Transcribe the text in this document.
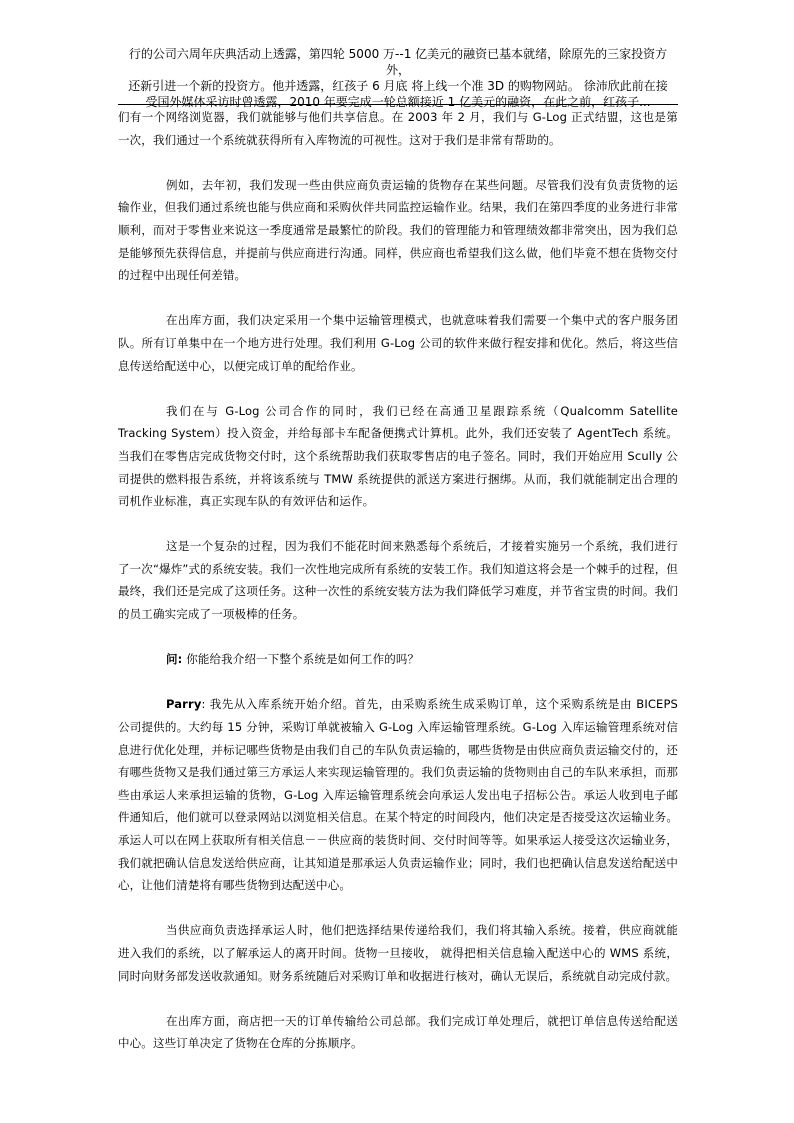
行的公司六周年庆典活动上透露，第四轮 5000 万--1 亿美元的融资已基本就绪，除原先的三家投资方外，
还新引进一个新的投资方。他并透露，红孩子 6 月底 将上线一个准 3D 的购物网站。 徐沛欣此前在接
受国外媒体采访时曾透露，2010 年要完成一轮总额接近 1 亿美元的融资，在此之前，红孩子...

们有一个网络浏览器，我们就能够与他们共享信息。在 2003 年 2 月，我们与 G-Log 正式结盟，这也是第一次，我们通过一个系统就获得所有入库物流的可视性。这对于我们是非常有帮助的。

例如，去年初，我们发现一些由供应商负责运输的货物存在某些问题。尽管我们没有负责货物的运输作业，但我们通过系统也能与供应商和采购伙伴共同监控运输作业。结果，我们在第四季度的业务进行非常顺利，而对于零售业来说这一季度通常是最繁忙的阶段。我们的管理能力和管理绩效都非常突出，因为我们总是能够预先获得信息，并提前与供应商进行沟通。同样，供应商也希望我们这么做，他们毕竟不想在货物交付的过程中出现任何差错。

在出库方面，我们决定采用一个集中运输管理模式，也就意味着我们需要一个集中式的客户服务团队。所有订单集中在一个地方进行处理。我们利用 G-Log 公司的软件来做行程安排和优化。然后，将这些信息传送给配送中心，以便完成订单的配给作业。

我们在与 G-Log 公司合作的同时，我们已经在高通卫星跟踪系统（Qualcomm Satellite Tracking System）投入资金，并给每部卡车配备便携式计算机。此外，我们还安装了 AgentTech 系统。当我们在零售店完成货物交付时，这个系统帮助我们获取零售店的电子签名。同时，我们开始应用 Scully 公司提供的燃料报告系统，并将该系统与 TMW 系统提供的派送方案进行捆绑。从而，我们就能制定出合理的司机作业标准，真正实现车队的有效评估和运作。

这是一个复杂的过程，因为我们不能花时间来熟悉每个系统后，才接着实施另一个系统，我们进行了一次“爆炸”式的系统安装。我们一次性地完成所有系统的安装工作。我们知道这将会是一个棘手的过程，但最终，我们还是完成了这项任务。这种一次性的系统安装方法为我们降低学习难度，并节省宝贵的时间。我们的员工确实完成了一项极棒的任务。

问: 你能给我介绍一下整个系统是如何工作的吗？

Parry: 我先从入库系统开始介绍。首先，由采购系统生成采购订单，这个采购系统是由 BICEPS 公司提供的。大约每 15 分钟，采购订单就被输入 G-Log 入库运输管理系统。G-Log 入库运输管理系统对信息进行优化处理，并标记哪些货物是由我们自己的车队负责运输的，哪些货物是由供应商负责运输交付的，还有哪些货物又是我们通过第三方承运人来实现运输管理的。我们负责运输的货物则由自己的车队来承担，而那些由承运人来承担运输的货物，G-Log 入库运输管理系统会向承运人发出电子招标公告。承运人收到电子邮件通知后，他们就可以登录网站以浏览相关信息。在某个特定的时间段内，他们决定是否接受这次运输业务。承运人可以在网上获取所有相关信息－－供应商的装货时间、交付时间等等。如果承运人接受这次运输业务，我们就把确认信息发送给供应商，让其知道是那承运人负责运输作业；同时，我们也把确认信息发送给配送中心，让他们清楚将有哪些货物到达配送中心。

当供应商负责选择承运人时，他们把选择结果传递给我们，我们将其输入系统。接着，供应商就能进入我们的系统，以了解承运人的离开时间。货物一旦接收， 就得把相关信息输入配送中心的 WMS 系统，同时向财务部发送收款通知。财务系统随后对采购订单和收据进行核对，确认无误后，系统就自动完成付款。

在出库方面，商店把一天的订单传输给公司总部。我们完成订单处理后，就把订单信息传送给配送中心。这些订单决定了货物在仓库的分拣顺序。
